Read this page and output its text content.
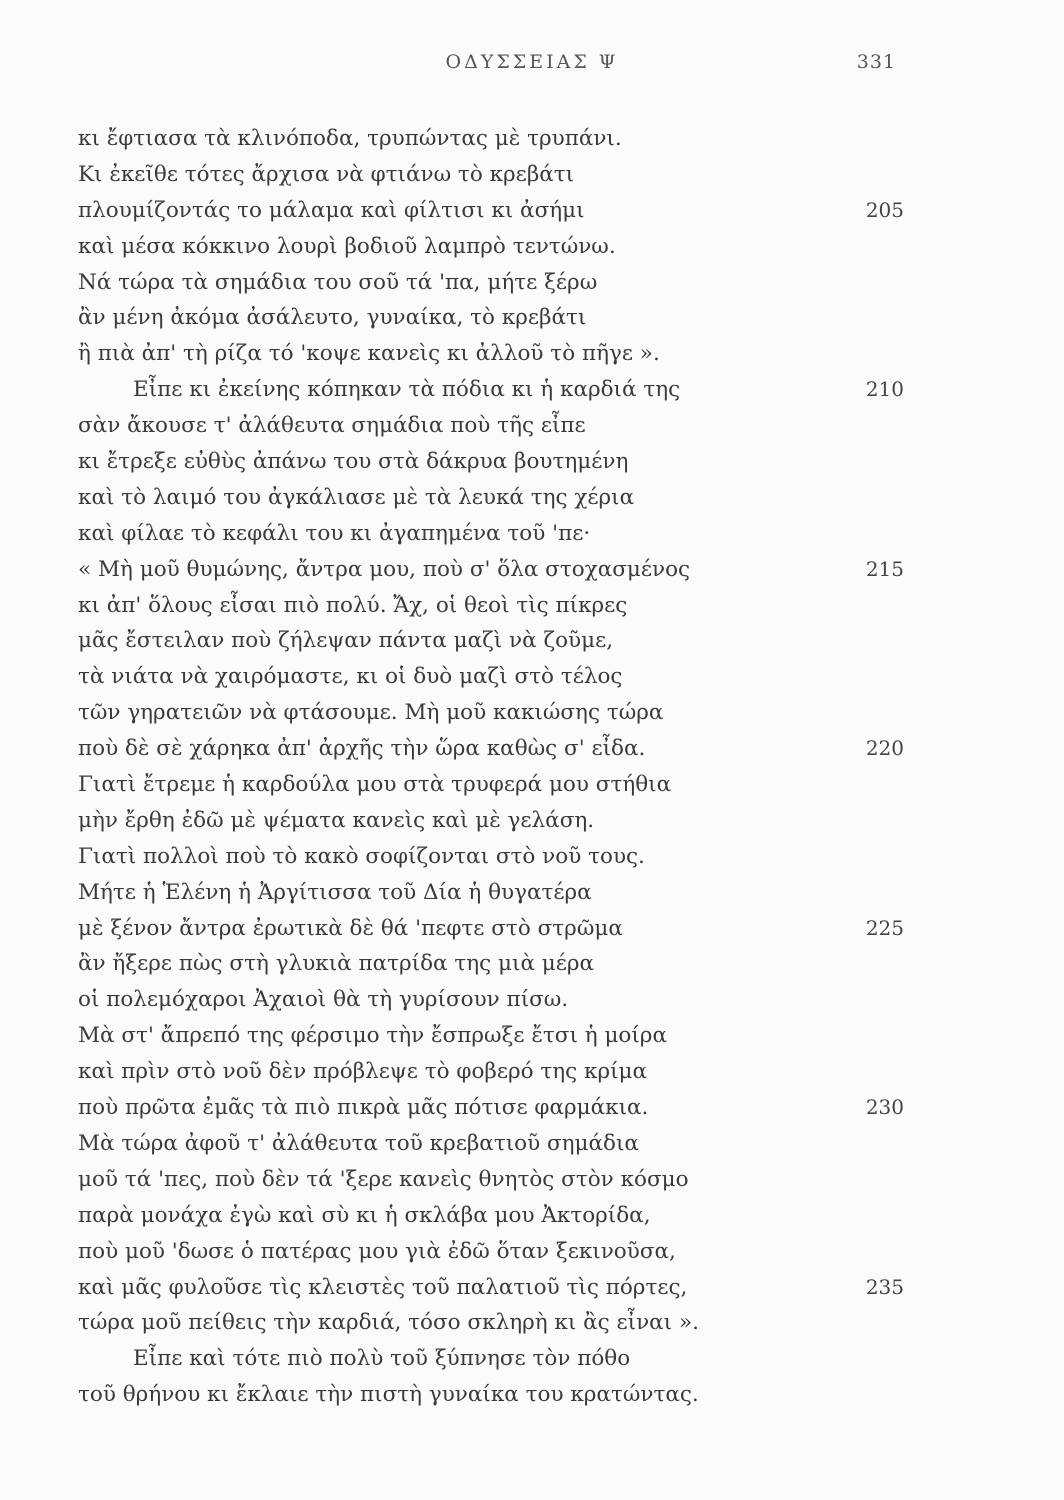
ΟΔΥΣΣΕΙΑΣ Ψ	331
κι ἔφτιασα τὰ κλινόποδα, τρυπώντας μὲ τρυπάνι.
Κι ἐκεῖθε τότες ἄρχισα νὰ φτιάνω τὸ κρεβάτι
πλουμίζοντάς το μάλαμα καὶ φίλτισι κι ἀσήμι	205
καὶ μέσα κόκκινο λουρὶ βοδιοῦ λαμπρὸ τεντώνω.
Νά τώρα τὰ σημάδια του σοῦ τά 'πα, μήτε ξέρω
ἂν μένη ἀκόμα ἀσάλευτο, γυναίκα, τὸ κρεβάτι
ἢ πιὰ ἀπ' τὴ ρίζα τό 'κοψε κανεὶς κι ἀλλοῦ τὸ πῆγε ».
Εἶπε κι ἐκείνης κόπηκαν τὰ πόδια κι ἡ καρδιά της	210
σὰν ἄκουσε τ' ἀλάθευτα σημάδια ποὺ τῆς εἶπε
κι ἔτρεξε εὐθὺς ἀπάνω του στὰ δάκρυα βουτημένη
καὶ τὸ λαιμό του ἀγκάλιασε μὲ τὰ λευκά της χέρια
καὶ φίλαε τὸ κεφάλι του κι ἀγαπημένα τοῦ 'πε·
« Μὴ μοῦ θυμώνης, ἄντρα μου, ποὺ σ' ὅλα στοχασμένος	215
κι ἀπ' ὅλους εἶσαι πιὸ πολύ. Ἄχ, οἱ θεοὶ τὶς πίκρες
μᾶς ἔστειλαν ποὺ ζήλεψαν πάντα μαζὶ νὰ ζοῦμε,
τὰ νιάτα νὰ χαιρόμαστε, κι οἱ δυὸ μαζὶ στὸ τέλος
τῶν γηρατειῶν νὰ φτάσουμε. Μὴ μοῦ κακιώσης τώρα
ποὺ δὲ σὲ χάρηκα ἀπ' ἀρχῆς τὴν ὥρα καθὼς σ' εἶδα.	220
Γιατὶ ἔτρεμε ἡ καρδούλα μου στὰ τρυφερά μου στήθια
μὴν ἔρθη ἐδῶ μὲ ψέματα κανεὶς καὶ μὲ γελάση.
Γιατὶ πολλοὶ ποὺ τὸ κακὸ σοφίζονται στὸ νοῦ τους.
Μήτε ἡ Ἑλένη ἡ Ἀργίτισσα τοῦ Δία ἡ θυγατέρα
μὲ ξένον ἄντρα ἐρωτικὰ δὲ θά 'πεφτε στὸ στρῶμα	225
ἂν ἤξερε πὼς στὴ γλυκιὰ πατρίδα της μιὰ μέρα
οἱ πολεμόχαροι Ἀχαιοὶ θὰ τὴ γυρίσουν πίσω.
Μὰ στ' ἄπρεπό της φέρσιμο τὴν ἔσπρωξε ἔτσι ἡ μοίρα
καὶ πρὶν στὸ νοῦ δὲν πρόβλεψε τὸ φοβερό της κρίμα
ποὺ πρῶτα ἐμᾶς τὰ πιὸ πικρὰ μᾶς πότισε φαρμάκια.	230
Μὰ τώρα ἀφοῦ τ' ἀλάθευτα τοῦ κρεβατιοῦ σημάδια
μοῦ τά 'πες, ποὺ δὲν τά 'ξερε κανεὶς θνητὸς στὸν κόσμο
παρὰ μονάχα ἐγὼ καὶ σὺ κι ἡ σκλάβα μου Ἀκτορίδα,
ποὺ μοῦ 'δωσε ὁ πατέρας μου γιὰ ἐδῶ ὅταν ξεκινοῦσα,
καὶ μᾶς φυλοῦσε τὶς κλειστὲς τοῦ παλατιοῦ τὶς πόρτες,	235
τώρα μοῦ πείθεις τὴν καρδιά, τόσο σκληρὴ κι ἂς εἶναι ».
Εἶπε καὶ τότε πιὸ πολὺ τοῦ ξύπνησε τὸν πόθο
τοῦ θρήνου κι ἔκλαιε τὴν πιστὴ γυναίκα του κρατώντας.
